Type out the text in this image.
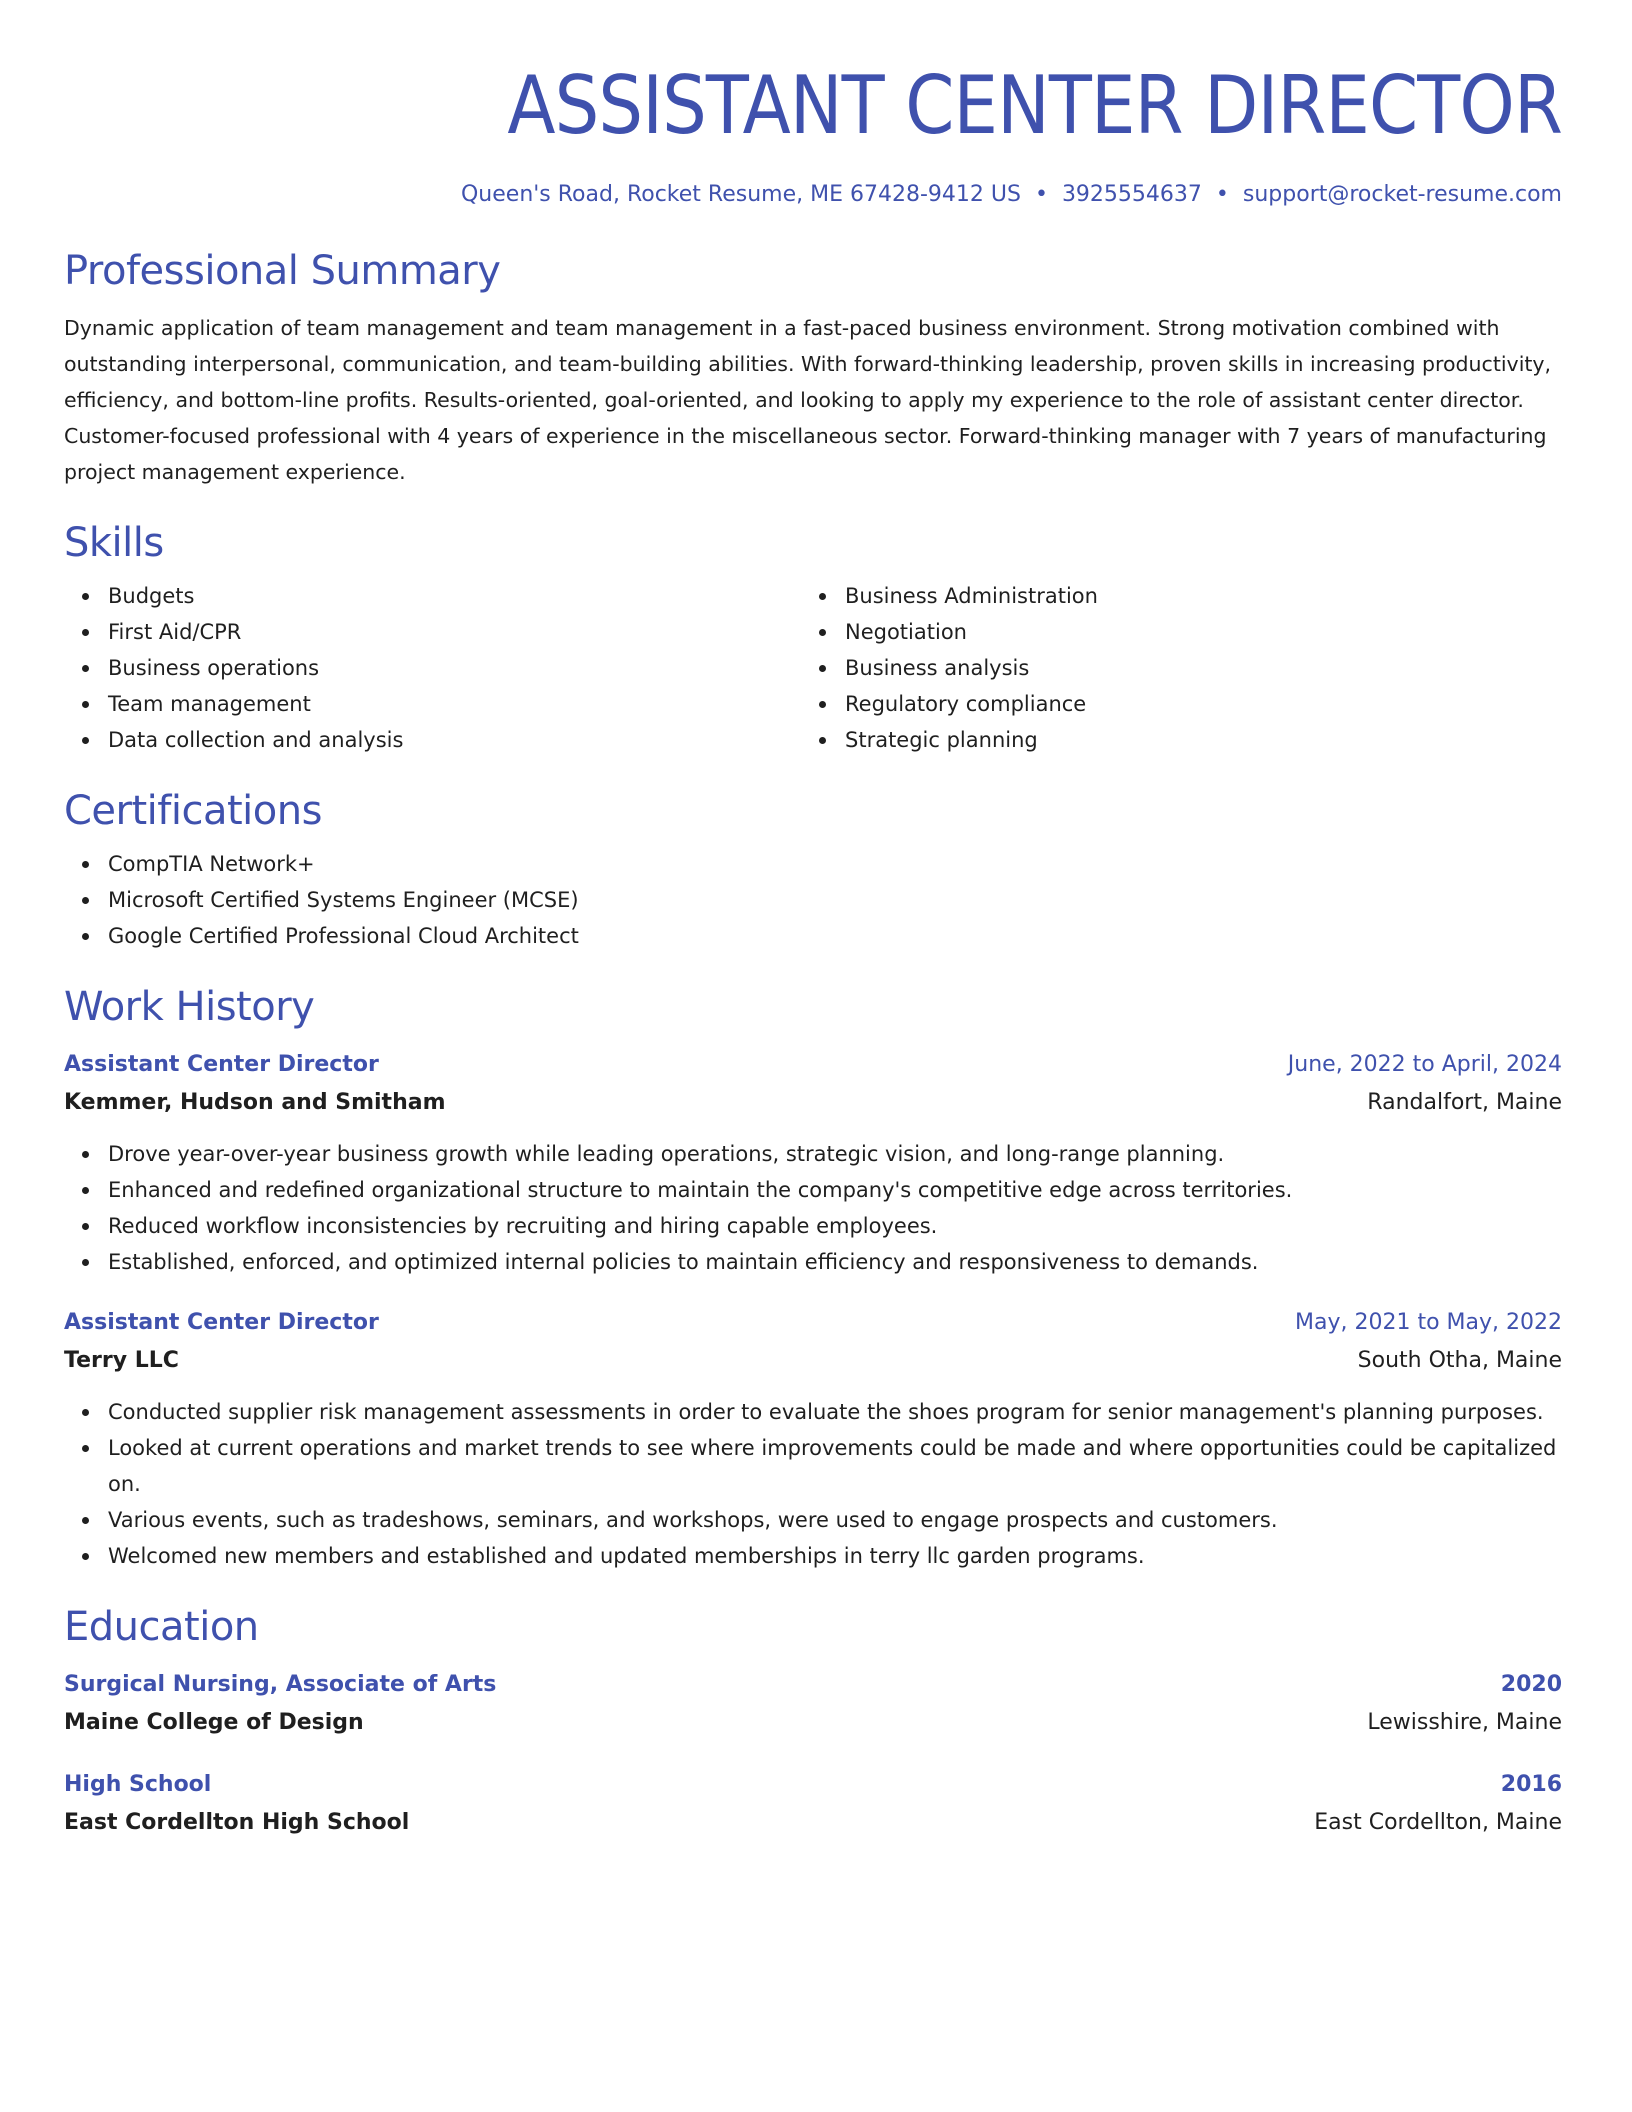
ASSISTANT CENTER DIRECTOR
Queen's Road, Rocket Resume, ME 67428-9412 US • 3925554637 • support@rocket-resume.com
Professional Summary

Dynamic application of team management and team management in a fast-paced business environment. Strong motivation combined with outstanding interpersonal, communication, and team-building abilities. With forward-thinking leadership, proven skills in increasing productivity, efficiency, and bottom-line profits. Results-oriented, goal-oriented, and looking to apply my experience to the role of assistant center director. Customer-focused professional with 4 years of experience in the miscellaneous sector. Forward-thinking manager with 7 years of manufacturing project management experience.

Skills
Budgets
First Aid/CPR
Business operations
Team management
Data collection and analysis
Business Administration
Negotiation
Business analysis
Regulatory compliance
Strategic planning
Certifications
CompTIA Network+
Microsoft Certified Systems Engineer (MCSE)
Google Certified Professional Cloud Architect
Work History
Assistant Center Director	June, 2022 to April, 2024
Kemmer, Hudson and Smitham	Randalfort, Maine
Drove year-over-year business growth while leading operations, strategic vision, and long-range planning.
Enhanced and redefined organizational structure to maintain the company's competitive edge across territories.
Reduced workflow inconsistencies by recruiting and hiring capable employees.
Established, enforced, and optimized internal policies to maintain efficiency and responsiveness to demands.
Assistant Center Director	May, 2021 to May, 2022
Terry LLC	South Otha, Maine
Conducted supplier risk management assessments in order to evaluate the shoes program for senior management's planning purposes.
Looked at current operations and market trends to see where improvements could be made and where opportunities could be capitalized on.
Various events, such as tradeshows, seminars, and workshops, were used to engage prospects and customers.
Welcomed new members and established and updated memberships in terry llc garden programs.
Education
Surgical Nursing, Associate of Arts	2020
Maine College of Design	Lewisshire, Maine
High School	2016
East Cordellton High School	East Cordellton, Maine
